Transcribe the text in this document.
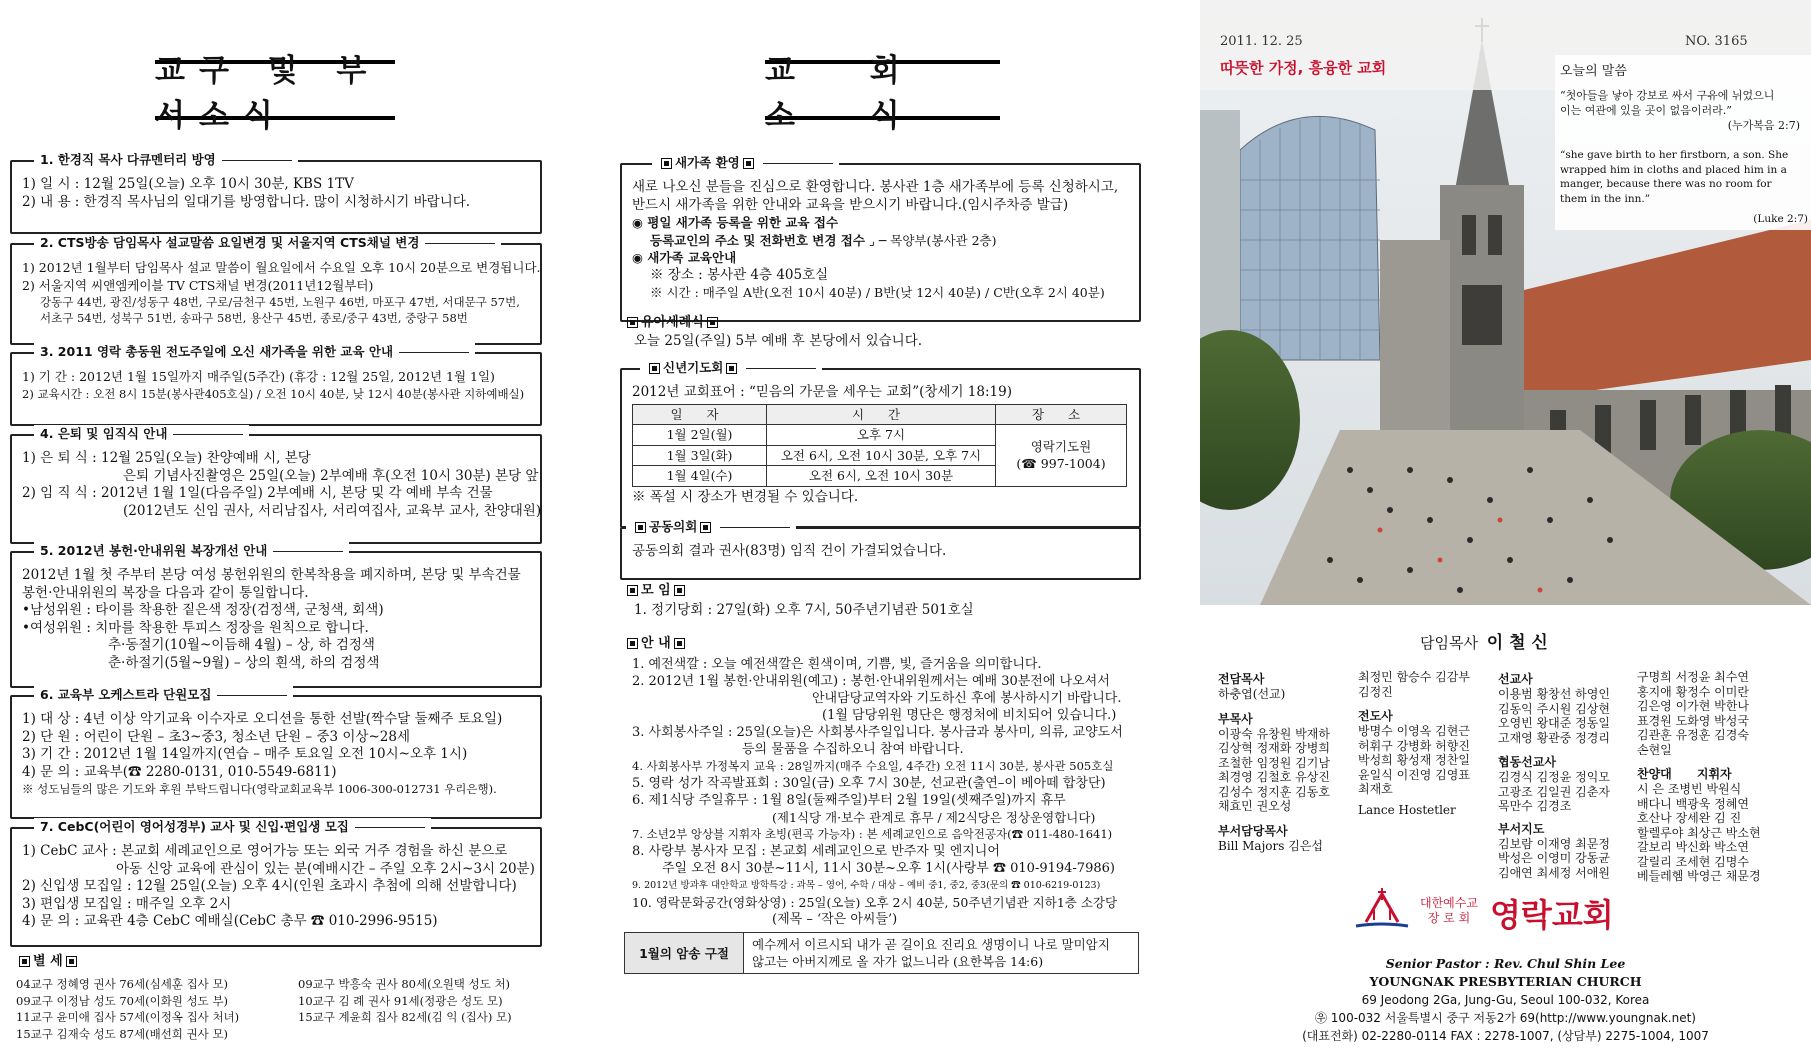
교구 및 부서소식
1. 한경직 목사 다큐멘터리 방영
1) 일 시 : 12월 25일(오늘) 오후 10시 30분, KBS 1TV
2) 내 용 : 한경직 목사님의 일대기를 방영합니다. 많이 시청하시기 바랍니다.
2. CTS방송 담임목사 설교말씀 요일변경 및 서울지역 CTS채널 변경
1) 2012년 1월부터 담임목사 설교 말씀이 월요일에서 수요일 오후 10시 20분으로 변경됩니다.
2) 서울지역 씨앤엠케이블 TV CTS채널 변경(2011년12월부터)
강동구 44번, 광진/성동구 48번, 구로/금천구 45번, 노원구 46번, 마포구 47번, 서대문구 57번,
서초구 54번, 성북구 51번, 송파구 58번, 용산구 45번, 종로/중구 43번, 중랑구 58번
3. 2011 영락 총동원 전도주일에 오신 새가족을 위한 교육 안내
1) 기 간 : 2012년 1월 15일까지 매주일(5주간) (휴강 : 12월 25일, 2012년 1월 1일)
2) 교육시간 : 오전 8시 15분(봉사관405호실) / 오전 10시 40분, 낮 12시 40분(봉사관 지하예배실)
4. 은퇴 및 임직식 안내
1) 은 퇴 식 : 12월 25일(오늘) 찬양예배 시, 본당
은퇴 기념사진촬영은 25일(오늘) 2부예배 후(오전 10시 30분) 본당 앞
2) 임 직 식 : 2012년 1월 1일(다음주일) 2부예배 시, 본당 및 각 예배 부속 건물
(2012년도 신임 권사, 서리남집사, 서리여집사, 교육부 교사, 찬양대원)
5. 2012년 봉헌·안내위원 복장개선 안내
2012년 1월 첫 주부터 본당 여성 봉헌위원의 한복착용을 폐지하며, 본당 및 부속건물
봉헌·안내위원의 복장을 다음과 같이 통일합니다.
•남성위원 : 타이를 착용한 짙은색 정장(검정색, 군청색, 회색)
•여성위원 : 치마를 착용한 투피스 정장을 원칙으로 합니다.
추·동절기(10월~이듬해 4월) – 상, 하 검정색
춘·하절기(5월~9월) – 상의 흰색, 하의 검정색
6. 교육부 오케스트라 단원모집
1) 대 상 : 4년 이상 악기교육 이수자로 오디션을 통한 선발(짝수달 둘째주 토요일)
2) 단 원 : 어린이 단원 – 초3~중3, 청소년 단원 – 중3 이상~28세
3) 기 간 : 2012년 1월 14일까지(연습 – 매주 토요일 오전 10시~오후 1시)
4) 문 의 : 교육부(☎ 2280-0131, 010-5549-6811)
※ 성도님들의 많은 기도와 후원 부탁드립니다(영락교회교육부 1006-300-012731 우리은행).
7. CebC(어린이 영어성경부) 교사 및 신입·편입생 모집
1) CebC 교사 : 본교회 세례교인으로 영어가능 또는 외국 거주 경험을 하신 분으로
아동 신앙 교육에 관심이 있는 분(예배시간 – 주일 오후 2시~3시 20분)
2) 신입생 모집일 : 12월 25일(오늘) 오후 4시(인원 초과시 추첨에 의해 선발합니다)
3) 편입생 모집일 : 매주일 오후 2시
4) 문 의 : 교육관 4층 CebC 예배실(CebC 총무 ☎ 010-2996-9515)
별 세
04교구 정혜영 권사 76세(심세훈 집사 모)
09교구 이정남 성도 70세(이화원 성도 부)
11교구 윤미애 집사 57세(이정옥 집사 처녀)
15교구 김재숙 성도 87세(배선희 권사 모)
09교구 박흥숙 권사 80세(오원택 성도 처)
10교구 김 례 권사 91세(정광은 성도 모)
15교구 계윤희 집사 82세(김 익 (집사) 모)
교 회 소 식
새가족 환영
새로 나오신 분들을 진심으로 환영합니다. 봉사관 1층 새가족부에 등록 신청하시고,
반드시 새가족을 위한 안내와 교육을 받으시기 바랍니다.(임시주차증 발급)
◉ 평일 새가족 등록을 위한 교육 접수
등록교인의 주소 및 전화번호 변경 접수 ⌟ ─ 목양부(봉사관 2층)
◉ 새가족 교육안내
※ 장소 : 봉사관 4층 405호실
※ 시간 : 매주일 A반(오전 10시 40분) / B반(낮 12시 40분) / C반(오후 2시 40분)
유아세례식
오늘 25일(주일) 5부 예배 후 본당에서 있습니다.
신년기도회
2012년 교회표어 : “믿음의 가문을 세우는 교회”(창세기 18:19)
일 자	시 간	장 소
1월 2일(월)	오후 7시	영락기도원
(☎ 997-1004)

1월 3일(화)	오전 6시, 오전 10시 30분, 오후 7시	
1월 4일(수)	오전 6시, 오전 10시 30분	
※ 폭설 시 장소가 변경될 수 있습니다.
공동의회
공동의회 결과 권사(83명) 임직 건이 가결되었습니다.
모 임
1. 정기당회 : 27일(화) 오후 7시, 50주년기념관 501호실
안 내
1. 예전색깔 : 오늘 예전색깔은 흰색이며, 기쁨, 빛, 즐거움을 의미합니다.
2. 2012년 1월 봉헌·안내위원(예고) : 봉헌·안내위원께서는 예배 30분전에 나오셔서
안내담당교역자와 기도하신 후에 봉사하시기 바랍니다.
(1월 담당위원 명단은 행정처에 비치되어 있습니다.)
3. 사회봉사주일 : 25일(오늘)은 사회봉사주일입니다. 봉사금과 봉사미, 의류, 교양도서
등의 물품을 수집하오니 참여 바랍니다.
4. 사회봉사부 가정복지 교육 : 28일까지(매주 수요일, 4주간) 오전 11시 30분, 봉사관 505호실
5. 영락 성가 작곡발표회 : 30일(금) 오후 7시 30분, 선교관(출연–이 베아떼 합창단)
6. 제1식당 주일휴무 : 1월 8일(둘째주일)부터 2월 19일(셋째주일)까지 휴무
(제1식당 개·보수 관계로 휴무 / 제2식당은 정상운영합니다)
7. 소년2부 앙상블 지휘자 초빙(편곡 가능자) : 본 세례교인으로 음악전공자(☎ 011-480-1641)
8. 사랑부 봉사자 모집 : 본교회 세례교인으로 반주자 및 엔지니어
주일 오전 8시 30분~11시, 11시 30분~오후 1시(사랑부 ☎ 010-9194-7986)
9. 2012년 방과후 대안학교 방학특강 : 과목 – 영어, 수학 / 대상 – 예비 중1, 중2, 중3(문의 ☎ 010-6219-0123)
10. 영락문화공간(영화상영) : 25일(오늘) 오후 2시 40분, 50주년기념관 지하1층 소강당
(제목 – ‘작은 아씨들’)
1월의 암송 구절
예수께서 이르시되 내가 곧 길이요 진리요 생명이니 나로 말미암지
않고는 아버지께로 올 자가 없느니라 (요한복음 14:6)
2011. 12. 25
따뜻한 가정, 흥융한 교회
NO. 3165
오늘의 말씀
“첫아들을 낳아 강보로 싸서 구유에 뉘었으니
이는 여관에 있을 곳이 없음이러라.”
(누가복음 2:7)
“she gave birth to her firstborn, a son. She
wrapped him in cloths and placed him in a
manger, because there was no room for
them in the inn.”
(Luke 2:7)
담임목사 이 철 신
전담목사
하충엽(선교)
부목사
이광숙 유창원 박재하
김상혁 정재화 장병희
조철한 임정원 김기남
최경영 김철호 유상진
김성수 정지훈 김동호
채효민 권오성
부서담당목사
Bill Majors 김은섭
최정민 함승수 김감부
김정진
전도사
방명수 이영옥 김현근
허휘구 강병화 허향진
박성희 황성재 정찬일
윤일식 이진영 김영표
최재호
Lance Hostetler
선교사
이용범 황창선 하영인
김동익 주시원 김상현
오영빈 왕대준 정동일
고재영 황관중 정경리
협동선교사
김경식 김정윤 정익모
고광조 김일권 김춘자
목만수 김경조
부서지도
김보람 이재영 최문정
박성은 이영미 강동균
김애연 최세정 서애원
구명희 서정윤 최수연
홍지애 황정수 이미란
김은영 이가현 박한나
표경원 도화영 박성국
김관훈 유정훈 김경숙
손현일
찬양대 지휘자
시 은 조병빈 박원식
배다니 백광욱 정혜연
호산나 장세완 김 진
할렐루야 최상근 박소현
갈보리 박신화 박소연
갈릴리 조세현 김명수
베들레헴 박영근 채문경
대한예수교
장 로 회 영락교회
Senior Pastor : Rev. Chul Shin Lee
YOUNGNAK PRESBYTERIAN CHURCH
69 Jeodong 2Ga, Jung-Gu, Seoul 100-032, Korea
㉾ 100-032 서울특별시 중구 저동2가 69(http://www.youngnak.net)
(대표전화) 02-2280-0114 FAX : 2278-1007, (상담부) 2275-1004, 1007
